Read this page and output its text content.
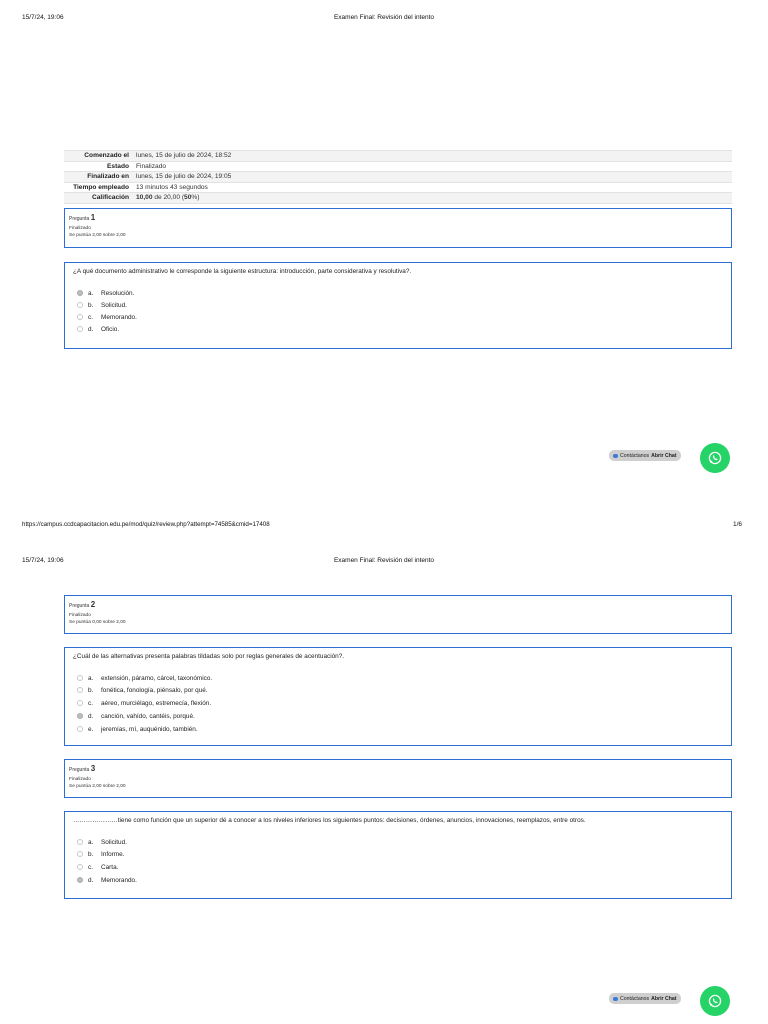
15/7/24, 19:06	Examen Final: Revisión del intento
Comenzado el	lunes, 15 de julio de 2024, 18:52
Estado	Finalizado
Finalizado en	lunes, 15 de julio de 2024, 19:05
Tiempo empleado	13 minutos 43 segundos
Calificación	10,00 de 20,00 (50%)
Pregunta 1
Finalizado
Se puntúa 2,00 sobre 2,00
¿A qué documento administrativo le corresponde la siguiente estructura: introducción, parte considerativa y resolutiva?.
a.	Resolución.
b.	Solicitud.
c.	Memorando.
d.	Oficio.
Contáctanos Abrir Chat
https://campus.ccdcapacitacion.edu.pe/mod/quiz/review.php?attempt=74585&cmid=17408	1/6
15/7/24, 19:06	Examen Final: Revisión del intento
Pregunta 2
Finalizado
Se puntúa 0,00 sobre 2,00
¿Cuál de las alternativas presenta palabras tildadas solo por reglas generales de acentuación?.
a.	extensión, páramo, cárcel, taxonómico.
b.	fonética, fonología, piénsalo, por qué.
c.	aéreo, murciélago, estremecía, flexión.
d.	canción, vahído, cantéis, porqué.
e.	jeremías, mí, auquénido, también.
Pregunta 3
Finalizado
Se puntúa 2,00 sobre 2,00
…………………tiene como función que un superior dé a conocer a los niveles inferiores los siguientes puntos: decisiones, órdenes, anuncios, innovaciones, reemplazos, entre otros.
a.	Solicitud.
b.	Informe.
c.	Carta.
d.	Memorando.
Contáctanos Abrir Chat
